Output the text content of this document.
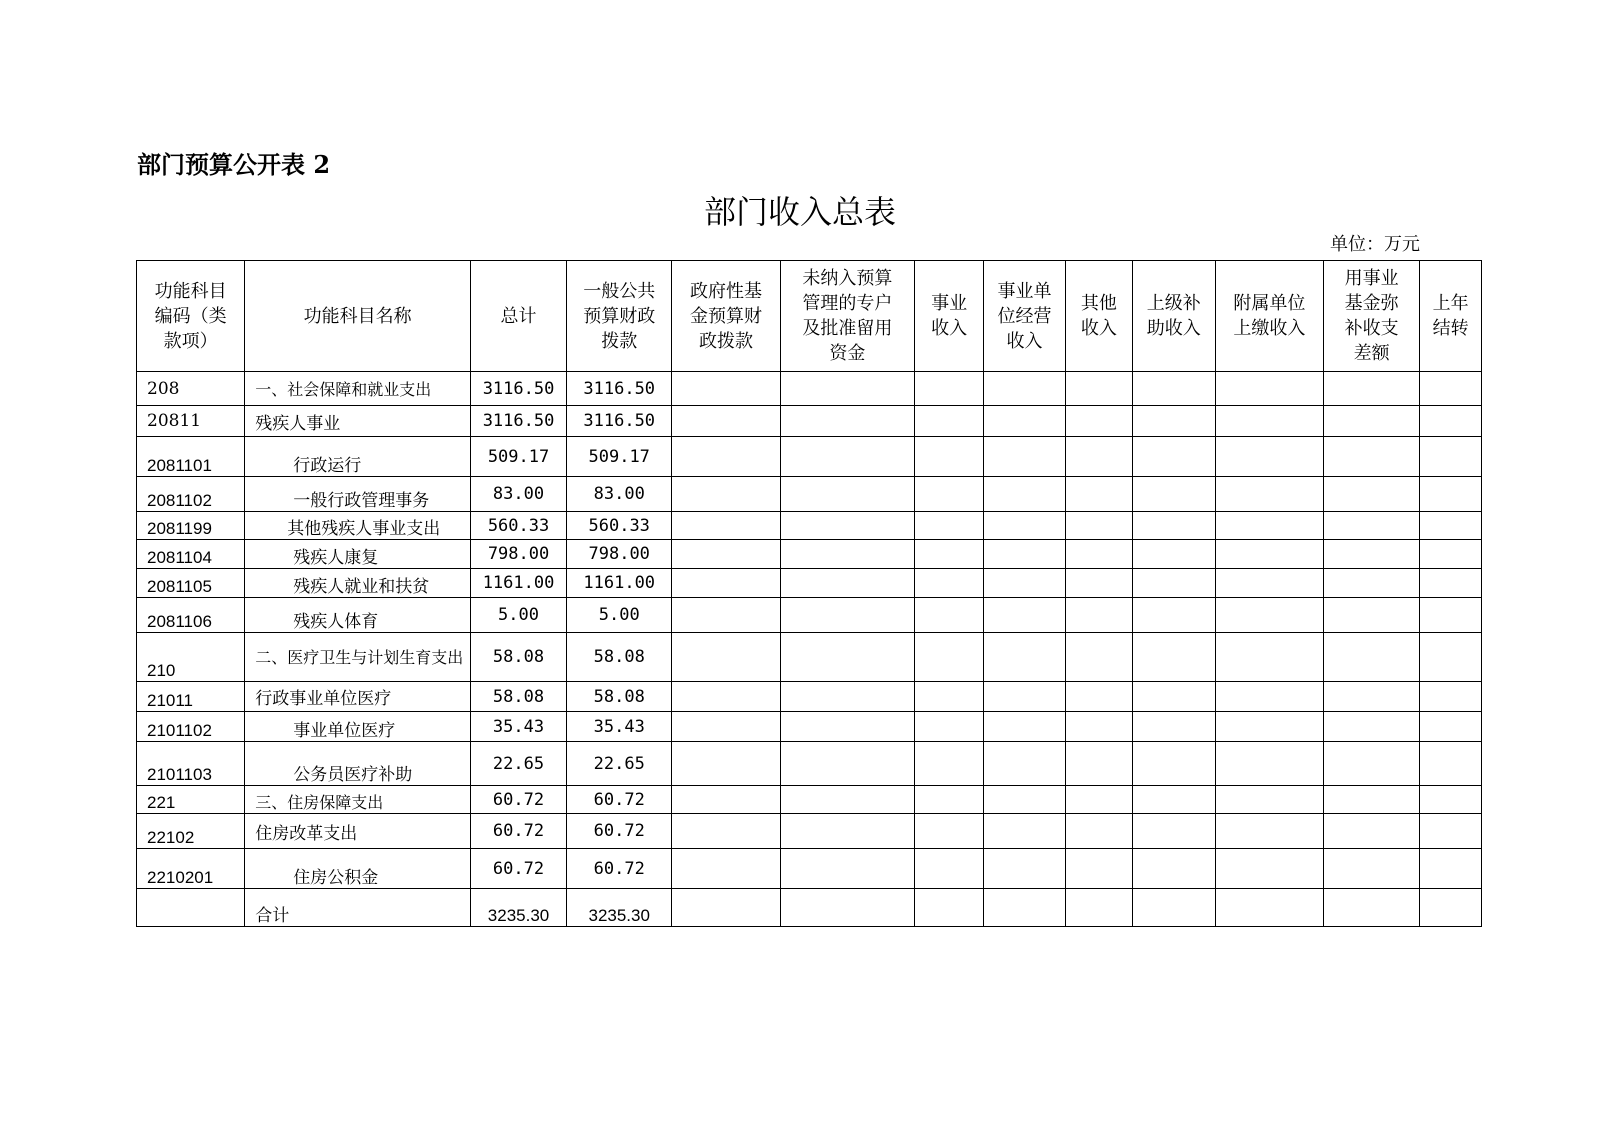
部门预算公开表 2
部门收入总表
单位：万元
功能科目
编码（类
款项）	功能科目名称	总计	一般公共
预算财政
拨款	政府性基
金预算财
政拨款	未纳入预算
管理的专户
及批准留用
资金	事业
收入	事业单
位经营
收入	其他
收入	上级补
助收入	附属单位
上缴收入	用事业
基金弥
补收支
差额	上年
结转
208	一、社会保障和就业支出	3116.50	3116.50									
20811	残疾人事业	3116.50	3116.50									
2081101	行政运行	509.17	509.17									
2081102	一般行政管理事务	83.00	83.00									
2081199	其他残疾人事业支出	560.33	560.33									
2081104	残疾人康复	798.00	798.00									
2081105	残疾人就业和扶贫	1161.00	1161.00									
2081106	残疾人体育	5.00	5.00									
210	二、医疗卫生与计划生育支出	58.08	58.08									
21011	行政事业单位医疗	58.08	58.08									
2101102	事业单位医疗	35.43	35.43									
2101103	公务员医疗补助	22.65	22.65									
221	三、住房保障支出	60.72	60.72									
22102	住房改革支出	60.72	60.72									
2210201	住房公积金	60.72	60.72									
	合计	3235.30	3235.30									
